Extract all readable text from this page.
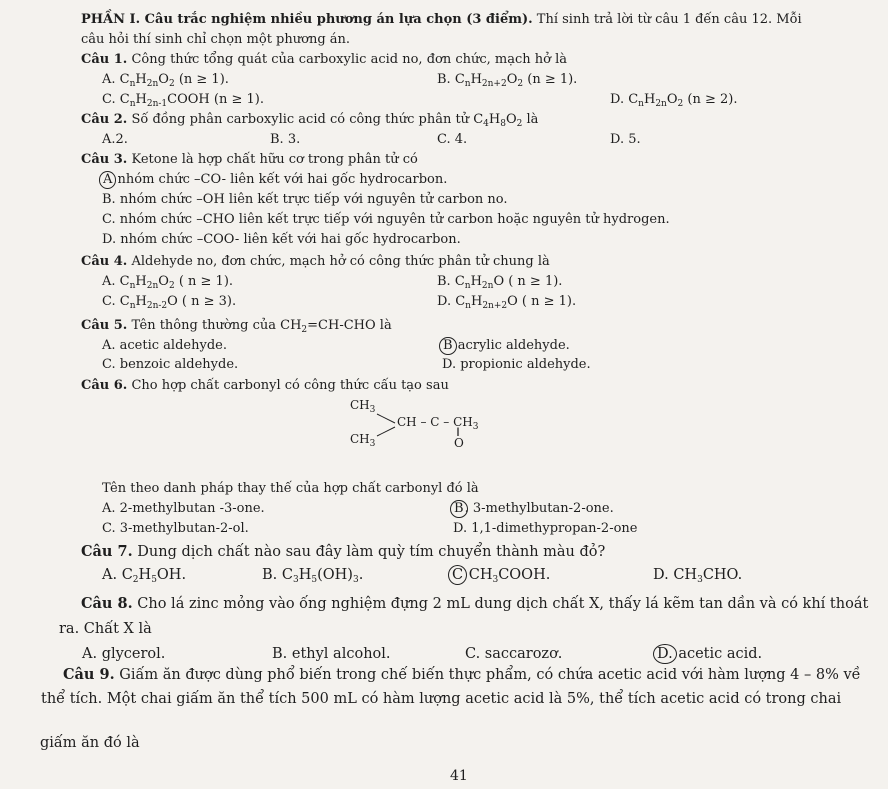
PHẦN I. Câu trắc nghiệm nhiều phương án lựa chọn (3 điểm). Thí sinh trả lời từ câu 1 đến câu 12. Mỗi
câu hỏi thí sinh chỉ chọn một phương án.
Câu 1. Công thức tổng quát của carboxylic acid no, đơn chức, mạch hở là
A. $C_nH_{2n}O_2$ (n ≥ 1).	B. $C_nH_{2n+2}O_2$ (n ≥ 1).
C. $C_nH_{2n-1}COOH$ (n ≥ 1).	D. $C_nH_{2n}O_2$ (n ≥ 2).
Câu 2. Số đồng phân carboxylic acid có công thức phân tử $C_4H_8O_2$ là
A.2.	B. 3.	C. 4.	D. 5.
Câu 3. Ketone là hợp chất hữu cơ trong phân tử có
A nhóm chức –CO- liên kết với hai gốc hydrocarbon.
B. nhóm chức –OH liên kết trực tiếp với nguyên tử carbon no.
C. nhóm chức –CHO liên kết trực tiếp với nguyên tử carbon hoặc nguyên tử hydrogen.
D. nhóm chức –COO- liên kết với hai gốc hydrocarbon.
Câu 4. Aldehyde no, đơn chức, mạch hở có công thức phân tử chung là
A. $C_nH_{2n}O_2$ ( n ≥ 1).	B. $C_nH_{2n}O$ ( n ≥ 1).
C. $C_nH_{2n-2}O$ ( n ≥ 3).	D. $C_nH_{2n+2}O$ ( n ≥ 1).
Câu 5. Tên thông thường của $CH_2=CH$-CHO là
A. acetic aldehyde.	B acrylic aldehyde.
C. benzoic aldehyde.	D. propionic aldehyde.
Câu 6. Cho hợp chất carbonyl có công thức cấu tạo sau
$CH_3$
$CH_3$
CH – C – $CH_3$
‖
O
Tên theo danh pháp thay thế của hợp chất carbonyl đó là
A. 2-methylbutan -3-one.	B. 3-methylbutan-2-one.
C. 3-methylbutan-2-ol.	D. 1,1-dimethypropan-2-one
Câu 7. Dung dịch chất nào sau đây làm quỳ tím chuyển thành màu đỏ?
A. $C_2H_5OH$.	B. $C_3H_5(OH)_3$.	C $CH_3COOH$.	D. $CH_3CHO$.
Câu 8. Cho lá zinc mỏng vào ống nghiệm đựng 2 mL dung dịch chất X, thấy lá kẽm tan dần và có khí thoát
ra. Chất X là
A. glycerol.	B. ethyl alcohol.	C. saccarozơ.	D. acetic acid.
Câu 9. Giấm ăn được dùng phổ biến trong chế biến thực phẩm, có chứa acetic acid với hàm lượng 4 – 8% về
thể tích. Một chai giấm ăn thể tích 500 mL có hàm lượng acetic acid là 5%, thể tích acetic acid có trong chai
giấm ăn đó là
41
